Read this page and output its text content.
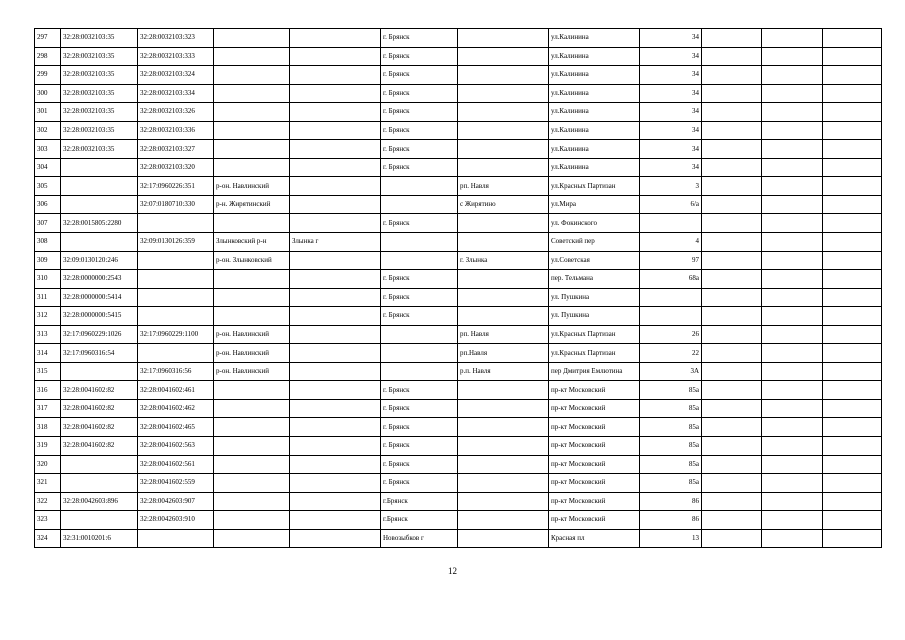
297	32:28:0032103:35	32:28:0032103:323			г. Брянск		ул.Калинина	34			
298	32:28:0032103:35	32:28:0032103:333			г. Брянск		ул.Калинина	34			
299	32:28:0032103:35	32:28:0032103:324			г. Брянск		ул.Калинина	34			
300	32:28:0032103:35	32:28:0032103:334			г. Брянск		ул.Калинина	34			
301	32:28:0032103:35	32:28:0032103:326			г. Брянск		ул.Калинина	34			
302	32:28:0032103:35	32:28:0032103:336			г. Брянск		ул.Калинина	34			
303	32:28:0032103:35	32:28:0032103:327			г. Брянск		ул.Калинина	34			
304		32:28:0032103:320			г. Брянск		ул.Калинина	34			
305		32:17:0960226:351	р-он. Навлинский			рп. Навля	ул.Красных Партизан	3			
306		32:07:0180710:330	р-н. Жирятинский			с Жирятино	ул.Мира	6/а			
307	32:28:0015805:2280				г. Брянск		ул. Фокинского				
308		32:09:0130126:359	Злынковский р-н	Злынка г			Советский пер	4			
309	32:09:0130120:246		р-он. Злынковский			г. Злынка	ул.Советская	97			
310	32:28:0000000:2543				г. Брянск		пер. Тельмана	68а			
311	32:28:0000000:5414				г. Брянск		ул. Пушкина				
312	32:28:0000000:5415				г. Брянск		ул. Пушкина				
313	32:17:0960229:1026	32:17:0960229:1100	р-он. Навлинский			рп. Навля	ул.Красных Партизан	26			
314	32:17:0960316:54		р-он. Навлинский			рп.Навля	ул.Красных Партизан	22			
315		32:17:0960316:56	р-он. Навлинский			р.п. Навля	пер Дмитрия Емлютина	3А			
316	32:28:0041602:82	32:28:0041602:461			г. Брянск		пр-кт Московский	85а			
317	32:28:0041602:82	32:28:0041602:462			г. Брянск		пр-кт Московский	85а			
318	32:28:0041602:82	32:28:0041602:465			г. Брянск		пр-кт Московский	85а			
319	32:28:0041602:82	32:28:0041602:563			г. Брянск		пр-кт Московский	85а			
320		32:28:0041602:561			г. Брянск		пр-кт Московский	85а			
321		32:28:0041602:559			г. Брянск		пр-кт Московский	85а			
322	32:28:0042603:896	32:28:0042603:907			г.Брянск		пр-кт Московский	86			
323		32:28:0042603:910			г.Брянск		пр-кт Московский	86			
324	32:31:0010201:6				Новозыбков г		Красная пл	13			
12
